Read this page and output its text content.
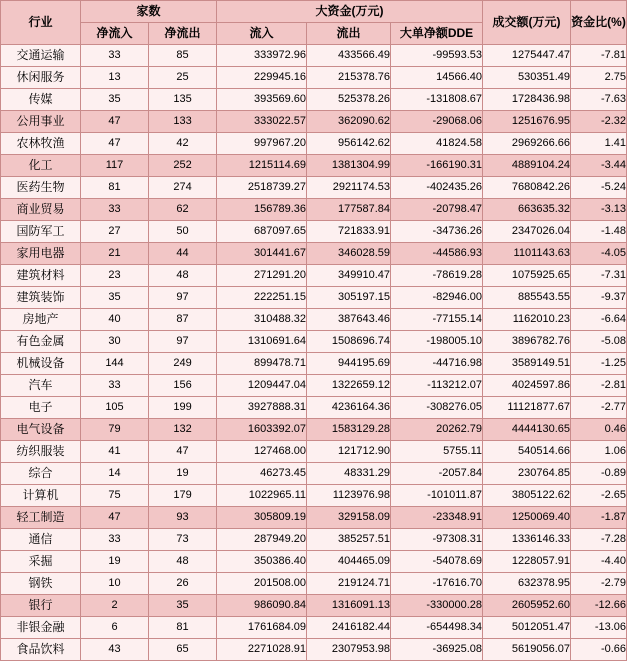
行业	家数		大资金(万元)			成交额(万元)	资金比(%)
	净流入	净流出	流入	流出	大单净额DDE		
交通运输	33	85	333972.96	433566.49	-99593.53	1275447.47	-7.81
休闲服务	13	25	229945.16	215378.76	14566.40	530351.49	2.75
传媒	35	135	393569.60	525378.26	-131808.67	1728436.98	-7.63
公用事业	47	133	333022.57	362090.62	-29068.06	1251676.95	-2.32
农林牧渔	47	42	997967.20	956142.62	41824.58	2969266.66	1.41
化工	117	252	1215114.69	1381304.99	-166190.31	4889104.24	-3.44
医药生物	81	274	2518739.27	2921174.53	-402435.26	7680842.26	-5.24
商业贸易	33	62	156789.36	177587.84	-20798.47	663635.32	-3.13
国防军工	27	50	687097.65	721833.91	-34736.26	2347026.04	-1.48
家用电器	21	44	301441.67	346028.59	-44586.93	1101143.63	-4.05
建筑材料	23	48	271291.20	349910.47	-78619.28	1075925.65	-7.31
建筑装饰	35	97	222251.15	305197.15	-82946.00	885543.55	-9.37
房地产	40	87	310488.32	387643.46	-77155.14	1162010.23	-6.64
有色金属	30	97	1310691.64	1508696.74	-198005.10	3896782.76	-5.08
机械设备	144	249	899478.71	944195.69	-44716.98	3589149.51	-1.25
汽车	33	156	1209447.04	1322659.12	-113212.07	4024597.86	-2.81
电子	105	199	3927888.31	4236164.36	-308276.05	11121877.67	-2.77
电气设备	79	132	1603392.07	1583129.28	20262.79	4444130.65	0.46
纺织服装	41	47	127468.00	121712.90	5755.11	540514.66	1.06
综合	14	19	46273.45	48331.29	-2057.84	230764.85	-0.89
计算机	75	179	1022965.11	1123976.98	-101011.87	3805122.62	-2.65
轻工制造	47	93	305809.19	329158.09	-23348.91	1250069.40	-1.87
通信	33	73	287949.20	385257.51	-97308.31	1336146.33	-7.28
采掘	19	48	350386.40	404465.09	-54078.69	1228057.91	-4.40
钢铁	10	26	201508.00	219124.71	-17616.70	632378.95	-2.79
银行	2	35	986090.84	1316091.13	-330000.28	2605952.60	-12.66
非银金融	6	81	1761684.09	2416182.44	-654498.34	5012051.47	-13.06
食品饮料	43	65	2271028.91	2307953.98	-36925.08	5619056.07	-0.66
